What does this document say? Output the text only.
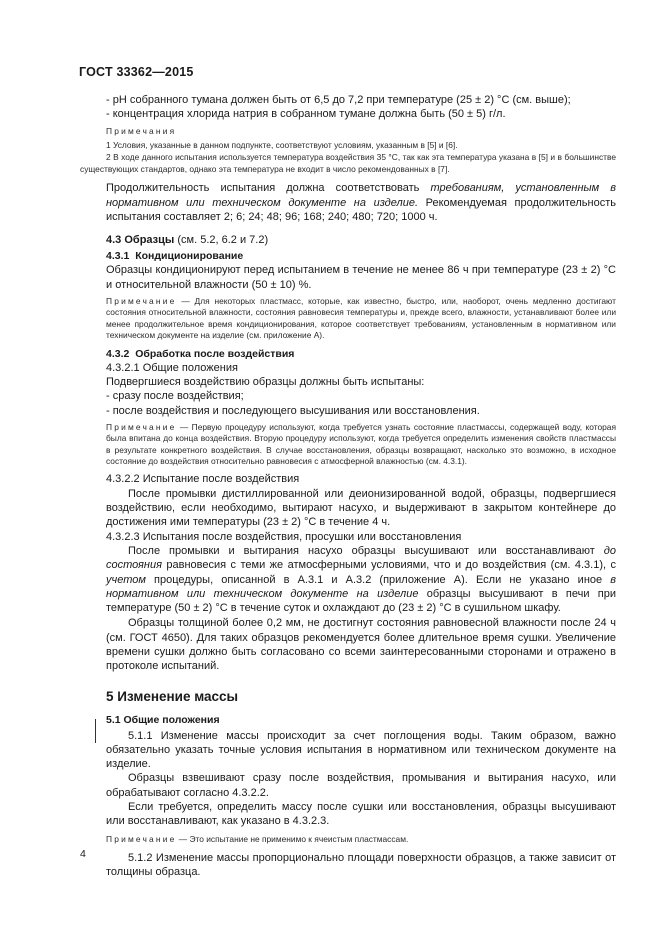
ГОСТ 33362—2015

- pH собранного тумана должен быть от 6,5 до 7,2 при температуре (25 ± 2) °С (см. выше);

- концентрация хлорида натрия в собранном тумане должна быть (50 ± 5) г/л.

Примечания

1 Условия, указанные в данном подпункте, соответствуют условиям, указанным в [5] и [6].

2 В ходе данного испытания используется температура воздействия 35 °С, так как эта температура указана в [5] и в большинстве существующих стандартов, однако эта температура не входит в число рекомендованных в [7].

Продолжительность испытания должна соответствовать требованиям, установленным в нормативном или техническом документе на изделие. Рекомендуемая продолжительность испытания составляет 2; 6; 24; 48; 96; 168; 240; 480; 720; 1000 ч.

4.3 Образцы (см. 5.2, 6.2 и 7.2)

4.3.1 Кондиционирование

Образцы кондиционируют перед испытанием в течение не менее 86 ч при температуре (23 ± 2) °С и относительной влажности (50 ± 10) %.

Примечание — Для некоторых пластмасс, которые, как известно, быстро, или, наоборот, очень медленно достигают состояния относительной влажности, состояния равновесия температуры и, прежде всего, влажности, устанавливают более или менее продолжительное время кондиционирования, которое соответствует требованиям, установленным в нормативном или техническом документе на изделие (см. приложение А).

4.3.2 Обработка после воздействия

4.3.2.1 Общие положения

Подвергшиеся воздействию образцы должны быть испытаны:

- сразу после воздействия;

- после воздействия и последующего высушивания или восстановления.

Примечание — Первую процедуру используют, когда требуется узнать состояние пластмассы, содержащей воду, которая была впитана до конца воздействия. Вторую процедуру используют, когда требуется определить изменения свойств пластмассы в результате конкретного воздействия. В случае восстановления, образцы возвращают, насколько это возможно, в исходное состояние до воздействия относительно равновесия с атмосферной влажностью (см. 4.3.1).

4.3.2.2 Испытание после воздействия

После промывки дистиллированной или деионизированной водой, образцы, подвергшиеся воздействию, если необходимо, вытирают насухо, и выдерживают в закрытом контейнере до достижения ими температуры (23 ± 2) °С в течение 4 ч.

4.3.2.3 Испытания после воздействия, просушки или восстановления

После промывки и вытирания насухо образцы высушивают или восстанавливают до состояния равновесия с теми же атмосферными условиями, что и до воздействия (см. 4.3.1), с учетом процедуры, описанной в А.3.1 и А.3.2 (приложение А). Если не указано иное в нормативном или техническом документе на изделие образцы высушивают в печи при температуре (50 ± 2) °С в течение суток и охлаждают до (23 ± 2) °С в сушильном шкафу.

Образцы толщиной более 0,2 мм, не достигнут состояния равновесной влажности после 24 ч (см. ГОСТ 4650). Для таких образцов рекомендуется более длительное время сушки. Увеличение времени сушки должно быть согласовано со всеми заинтересованными сторонами и отражено в протоколе испытаний.

5 Изменение массы

5.1 Общие положения

5.1.1 Изменение массы происходит за счет поглощения воды. Таким образом, важно обязательно указать точные условия испытания в нормативном или техническом документе на изделие.

Образцы взвешивают сразу после воздействия, промывания и вытирания насухо, или обрабатывают согласно 4.3.2.2.

Если требуется, определить массу после сушки или восстановления, образцы высушивают или восстанавливают, как указано в 4.3.2.3.

Примечание — Это испытание не применимо к ячеистым пластмассам.

5.1.2 Изменение массы пропорционально площади поверхности образцов, а также зависит от толщины образца.

4
